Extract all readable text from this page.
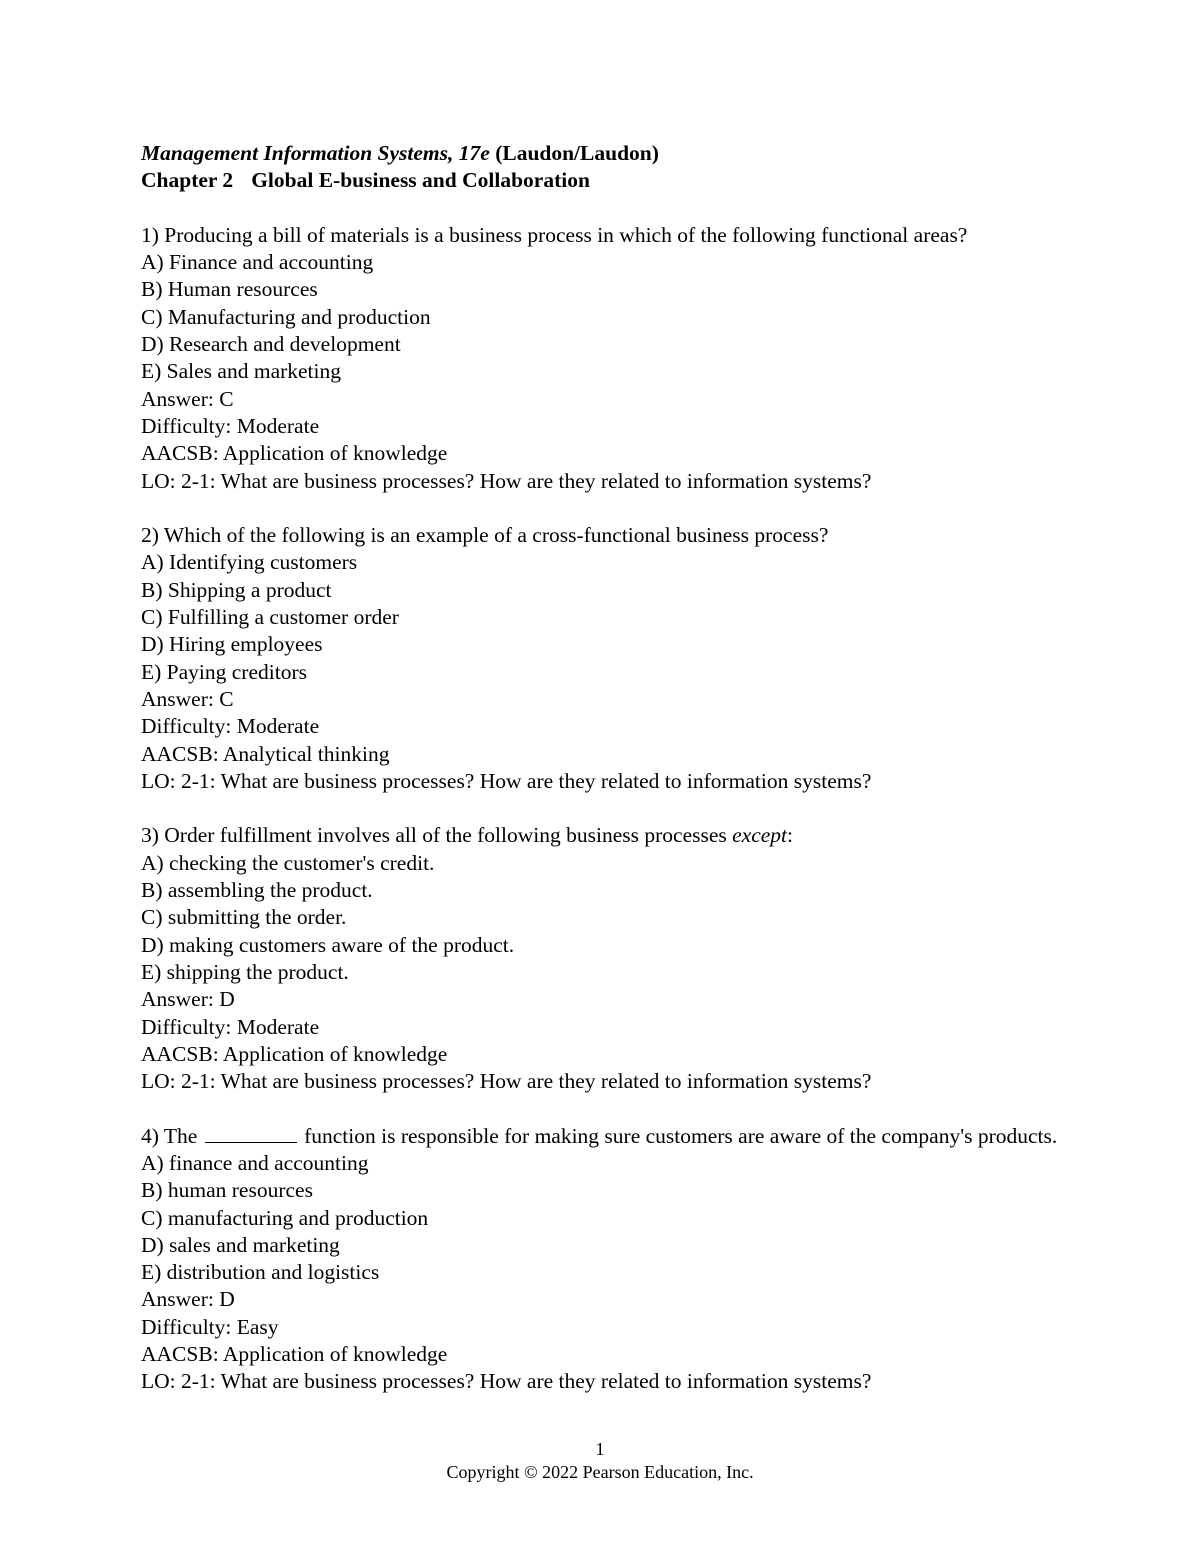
Management Information Systems, 17e (Laudon/Laudon)
Chapter 2 Global E-business and Collaboration
1) Producing a bill of materials is a business process in which of the following functional areas?
A) Finance and accounting
B) Human resources
C) Manufacturing and production
D) Research and development
E) Sales and marketing
Answer: C
Difficulty: Moderate
AACSB: Application of knowledge
LO: 2-1: What are business processes? How are they related to information systems?
2) Which of the following is an example of a cross-functional business process?
A) Identifying customers
B) Shipping a product
C) Fulfilling a customer order
D) Hiring employees
E) Paying creditors
Answer: C
Difficulty: Moderate
AACSB: Analytical thinking
LO: 2-1: What are business processes? How are they related to information systems?
3) Order fulfillment involves all of the following business processes except:
A) checking the customer's credit.
B) assembling the product.
C) submitting the order.
D) making customers aware of the product.
E) shipping the product.
Answer: D
Difficulty: Moderate
AACSB: Application of knowledge
LO: 2-1: What are business processes? How are they related to information systems?
4) The	function is responsible for making sure customers are aware of the company's products.
A) finance and accounting
B) human resources
C) manufacturing and production
D) sales and marketing
E) distribution and logistics
Answer: D
Difficulty: Easy
AACSB: Application of knowledge
LO: 2-1: What are business processes? How are they related to information systems?
1
Copyright © 2022 Pearson Education, Inc.
